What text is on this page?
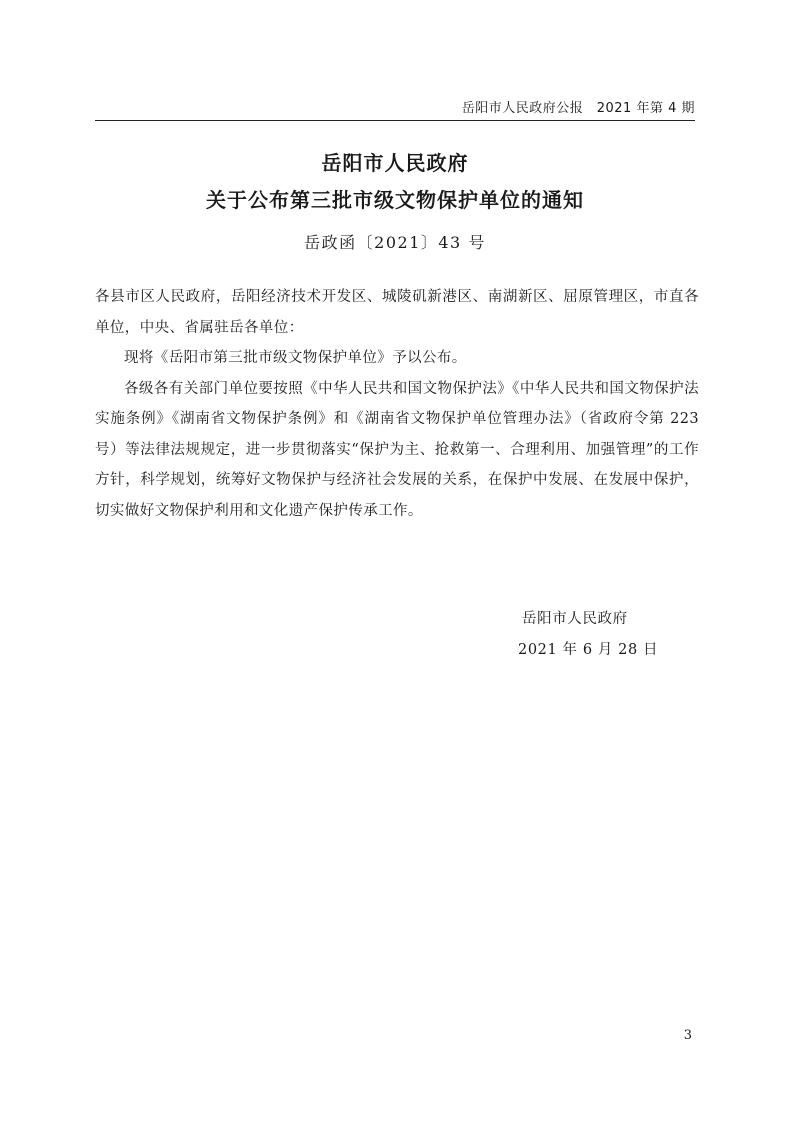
岳阳市人民政府公报　2021 年第 4 期
岳阳市人民政府
关于公布第三批市级文物保护单位的通知
岳政函〔2021〕43 号

各县市区人民政府，岳阳经济技术开发区、城陵矶新港区、南湖新区、屈原管理区，市直各单位，中央、省属驻岳各单位：

现将《岳阳市第三批市级文物保护单位》予以公布。

各级各有关部门单位要按照《中华人民共和国文物保护法》《中华人民共和国文物保护法实施条例》《湖南省文物保护条例》和《湖南省文物保护单位管理办法》（省政府令第 223 号）等法律法规规定，进一步贯彻落实“保护为主、抢救第一、合理利用、加强管理”的工作方针，科学规划，统筹好文物保护与经济社会发展的关系，在保护中发展、在发展中保护，切实做好文物保护利用和文化遗产保护传承工作。

岳阳市人民政府
2021 年 6 月 28 日
3
